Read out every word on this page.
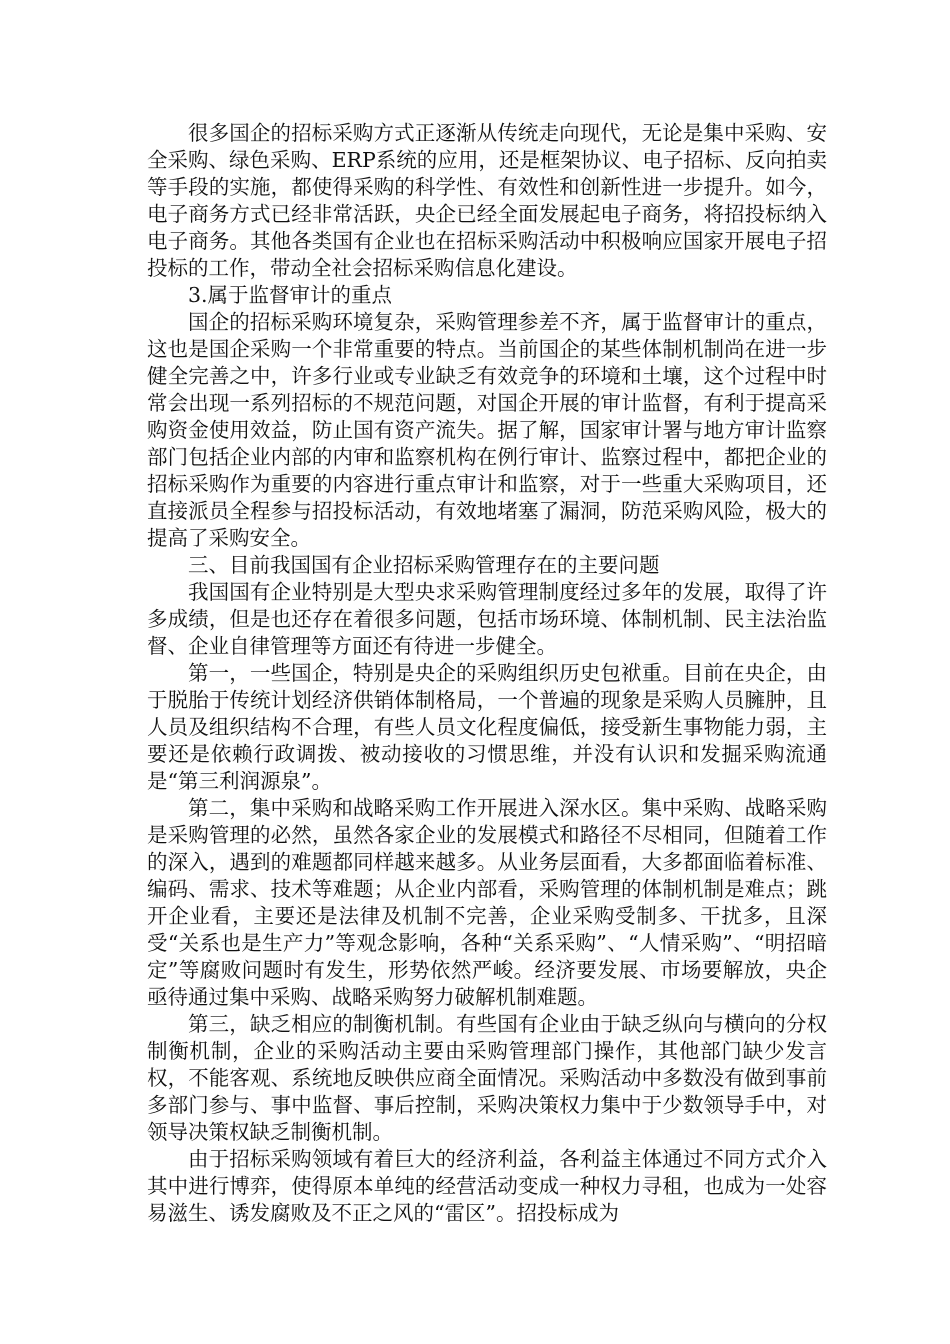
很多国企的招标采购方式正逐渐从传统走向现代，无论是集中采购、安全采购、绿色采购、ERP系统的应用，还是框架协议、电子招标、反向拍卖等手段的实施，都使得采购的科学性、有效性和创新性进一步提升。如今，电子商务方式已经非常活跃，央企已经全面发展起电子商务，将招投标纳入电子商务。其他各类国有企业也在招标采购活动中积极响应国家开展电子招投标的工作，带动全社会招标采购信息化建设。

3.属于监督审计的重点

国企的招标采购环境复杂，采购管理参差不齐，属于监督审计的重点，这也是国企采购一个非常重要的特点。当前国企的某些体制机制尚在进一步健全完善之中，许多行业或专业缺乏有效竞争的环境和土壤，这个过程中时常会出现一系列招标的不规范问题，对国企开展的审计监督，有利于提高采购资金使用效益，防止国有资产流失。据了解，国家审计署与地方审计监察部门包括企业内部的内审和监察机构在例行审计、监察过程中，都把企业的招标采购作为重要的内容进行重点审计和监察，对于一些重大采购项目，还直接派员全程参与招投标活动，有效地堵塞了漏洞，防范采购风险，极大的提高了采购安全。

三、目前我国国有企业招标采购管理存在的主要问题

我国国有企业特别是大型央求采购管理制度经过多年的发展，取得了许多成绩，但是也还存在着很多问题，包括市场环境、体制机制、民主法治监督、企业自律管理等方面还有待进一步健全。

第一，一些国企，特别是央企的采购组织历史包袱重。目前在央企，由于脱胎于传统计划经济供销体制格局，一个普遍的现象是采购人员臃肿，且人员及组织结构不合理，有些人员文化程度偏低，接受新生事物能力弱，主要还是依赖行政调拨、被动接收的习惯思维，并没有认识和发掘采购流通是“第三利润源泉”。

第二，集中采购和战略采购工作开展进入深水区。集中采购、战略采购是采购管理的必然，虽然各家企业的发展模式和路径不尽相同，但随着工作的深入，遇到的难题都同样越来越多。从业务层面看，大多都面临着标准、编码、需求、技术等难题；从企业内部看，采购管理的体制机制是难点；跳开企业看，主要还是法律及机制不完善，企业采购受制多、干扰多，且深受“关系也是生产力”等观念影响，各种“关系采购”、“人情采购”、“明招暗定”等腐败问题时有发生，形势依然严峻。经济要发展、市场要解放，央企亟待通过集中采购、战略采购努力破解机制难题。

第三，缺乏相应的制衡机制。有些国有企业由于缺乏纵向与横向的分权制衡机制，企业的采购活动主要由采购管理部门操作，其他部门缺少发言权，不能客观、系统地反映供应商全面情况。采购活动中多数没有做到事前多部门参与、事中监督、事后控制，采购决策权力集中于少数领导手中，对领导决策权缺乏制衡机制。

由于招标采购领域有着巨大的经济利益，各利益主体通过不同方式介入其中进行博弈，使得原本单纯的经营活动变成一种权力寻租，也成为一处容易滋生、诱发腐败及不正之风的“雷区”。招投标成为
